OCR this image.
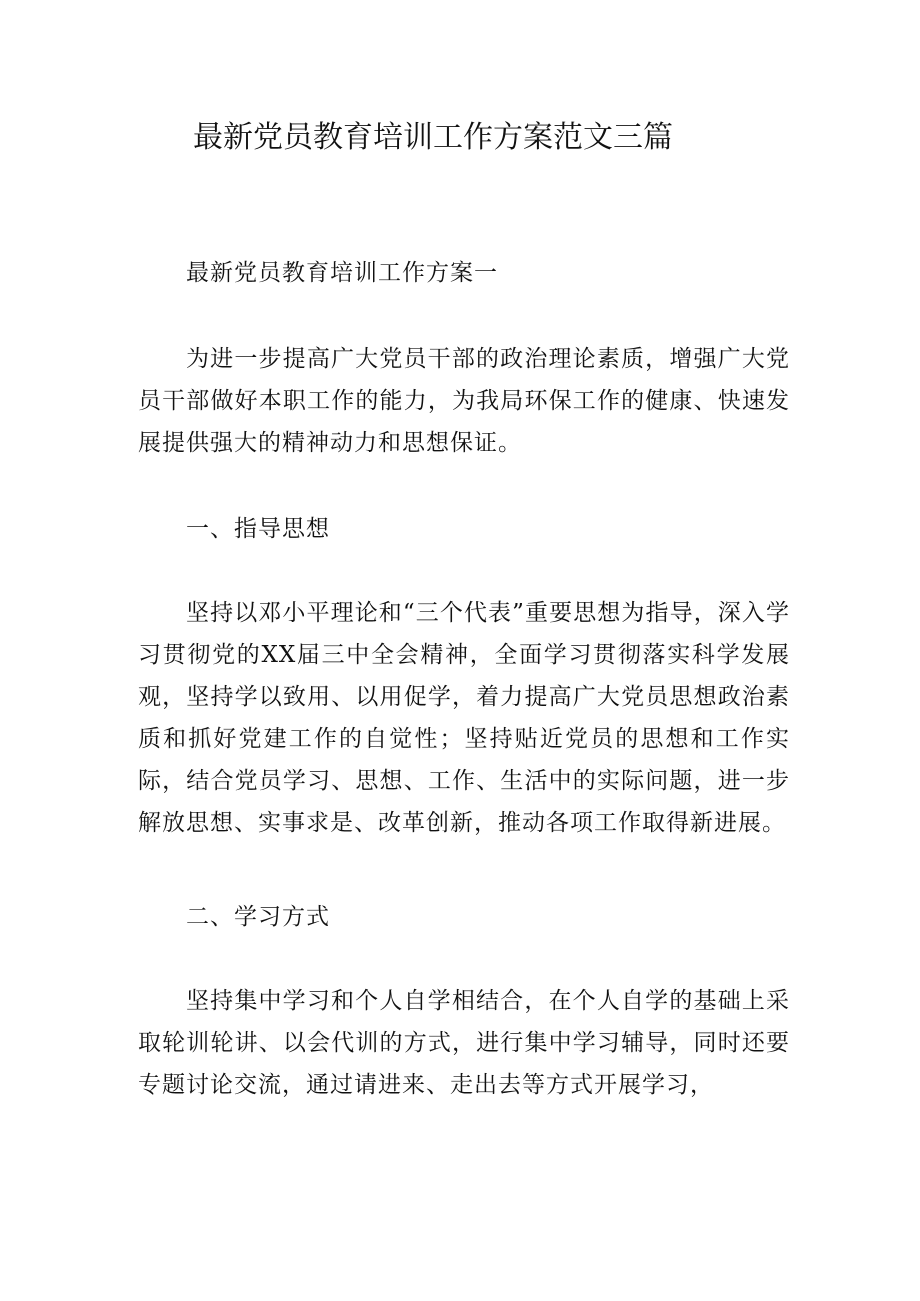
最新党员教育培训工作方案范文三篇

最新党员教育培训工作方案一

为进一步提高广大党员干部的政治理论素质，增强广大党员干部做好本职工作的能力，为我局环保工作的健康、快速发展提供强大的精神动力和思想保证。

一、指导思想

坚持以邓小平理论和“三个代表”重要思想为指导，深入学习贯彻党的XX届三中全会精神，全面学习贯彻落实科学发展观，坚持学以致用、以用促学，着力提高广大党员思想政治素质和抓好党建工作的自觉性；坚持贴近党员的思想和工作实际，结合党员学习、思想、工作、生活中的实际问题，进一步解放思想、实事求是、改革创新，推动各项工作取得新进展。

二、学习方式

坚持集中学习和个人自学相结合，在个人自学的基础上采取轮训轮讲、以会代训的方式，进行集中学习辅导，同时还要专题讨论交流，通过请进来、走出去等方式开展学习，
